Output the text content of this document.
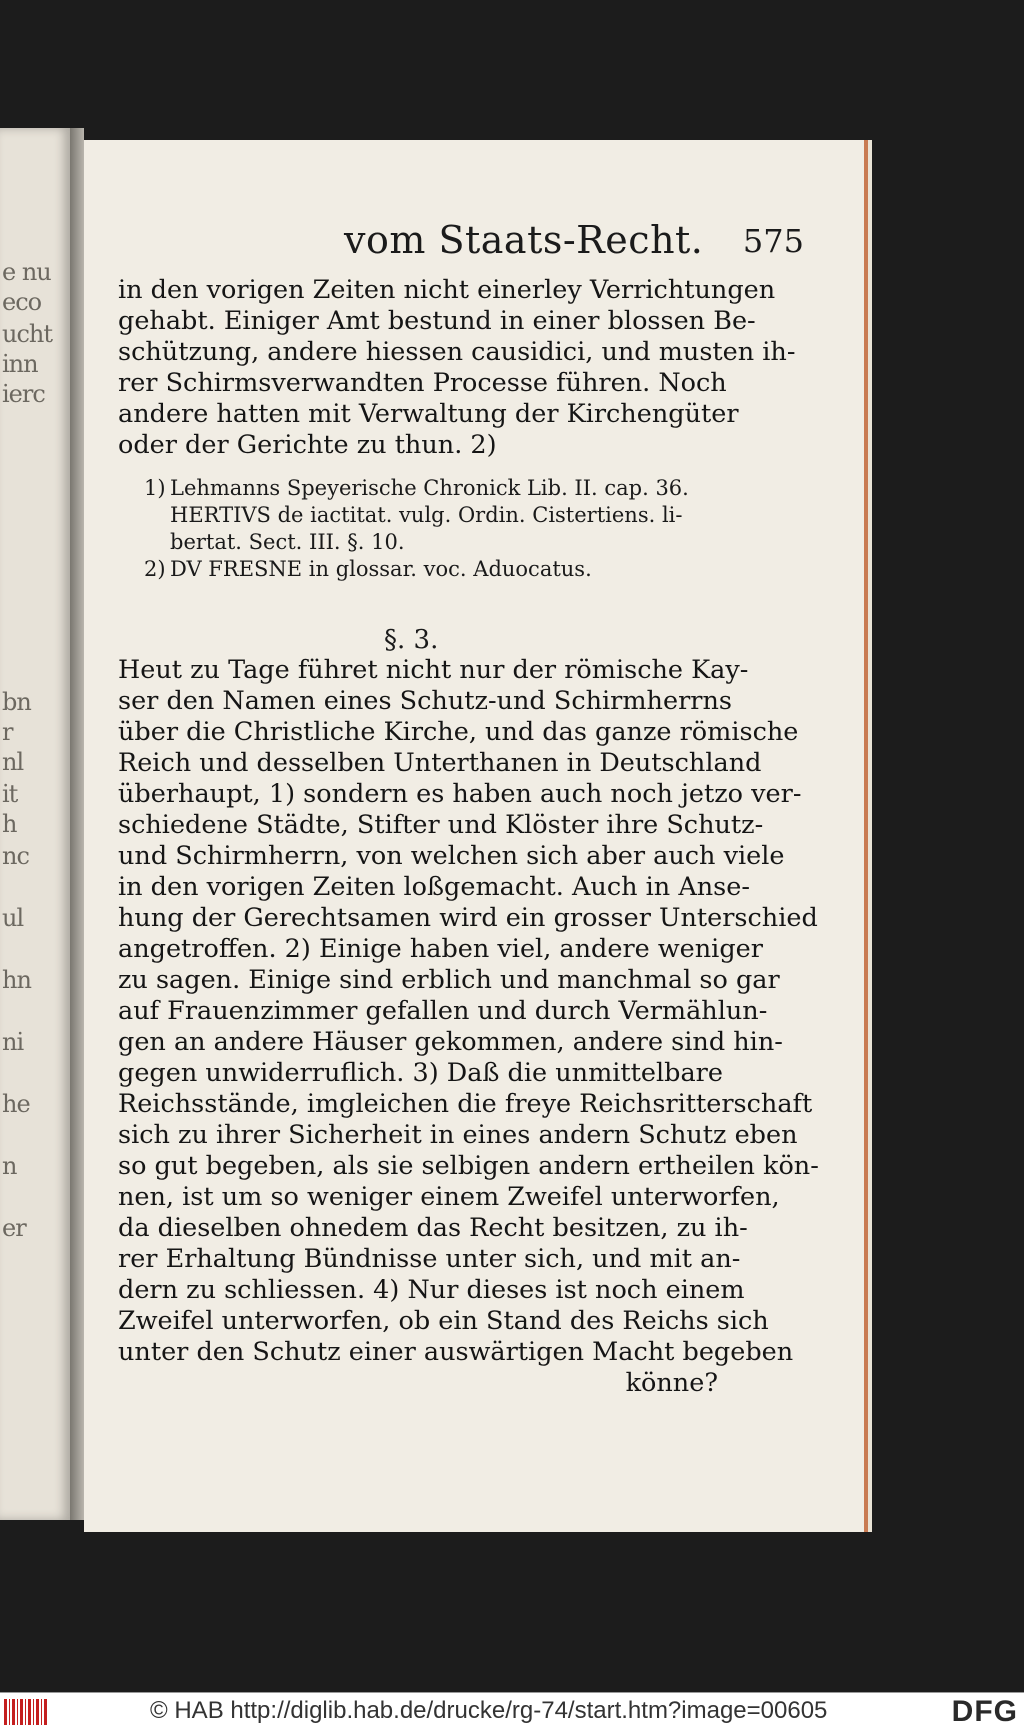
e nu
eco
ucht
inn
ierc
bn
r
nl
it
h
nc
ul
hn
ni
he
n
er
vom Staats-Recht. 575
in den vorigen Zeiten nicht einerley Verrichtungen
gehabt. Einiger Amt bestund in einer blossen Be-
schützung, andere hiessen causidici, und musten ih-
rer Schirmsverwandten Processe führen. Noch
andere hatten mit Verwaltung der Kirchengüter
oder der Gerichte zu thun. 2)
1) Lehmanns Speyerische Chronick Lib. II. cap. 36.
HERTIVS de iactitat. vulg. Ordin. Cistertiens. li-
bertat. Sect. III. §. 10.
2) DV FRESNE in glossar. voc. Aduocatus.
§. 3.
Heut zu Tage führet nicht nur der römische Kay-
ser den Namen eines Schutz-und Schirmherrns
über die Christliche Kirche, und das ganze römische
Reich und desselben Unterthanen in Deutschland
überhaupt, 1) sondern es haben auch noch jetzo ver-
schiedene Städte, Stifter und Klöster ihre Schutz-
und Schirmherrn, von welchen sich aber auch viele
in den vorigen Zeiten loßgemacht. Auch in Anse-
hung der Gerechtsamen wird ein grosser Unterschied
angetroffen. 2) Einige haben viel, andere weniger
zu sagen. Einige sind erblich und manchmal so gar
auf Frauenzimmer gefallen und durch Vermählun-
gen an andere Häuser gekommen, andere sind hin-
gegen unwiderruflich. 3) Daß die unmittelbare
Reichsstände, imgleichen die freye Reichsritterschaft
sich zu ihrer Sicherheit in eines andern Schutz eben
so gut begeben, als sie selbigen andern ertheilen kön-
nen, ist um so weniger einem Zweifel unterworfen,
da dieselben ohnedem das Recht besitzen, zu ih-
rer Erhaltung Bündnisse unter sich, und mit an-
dern zu schliessen. 4) Nur dieses ist noch einem
Zweifel unterworfen, ob ein Stand des Reichs sich
unter den Schutz einer auswärtigen Macht begeben
könne?
© HAB http://diglib.hab.de/drucke/rg-74/start.htm?image=00605	DFG
